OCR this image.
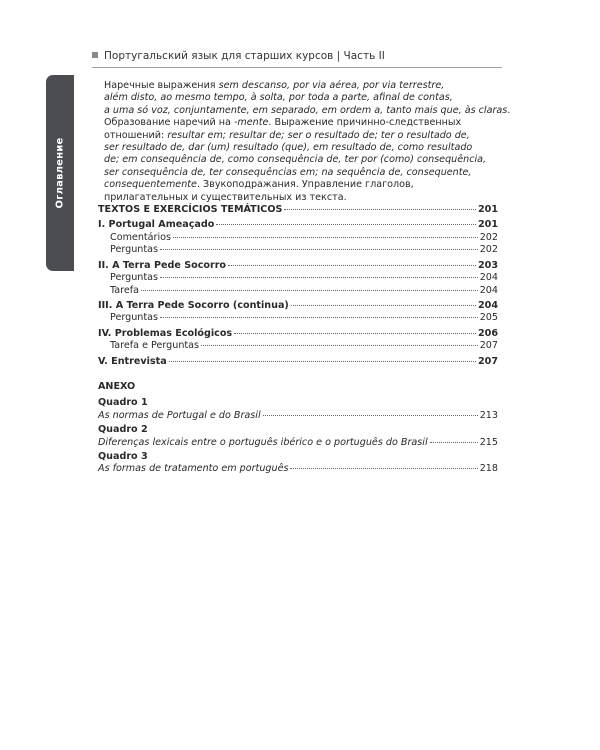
Португальский язык для старших курсов | Часть II
Оглавление
Наречные выражения sem descanso, por via aérea, por via terrestre,
além disto, ao mesmo tempo, à solta, por toda a parte, afinal de contas,
a uma só voz, conjuntamente, em separado, em ordem a, tanto mais que, às claras.
Образование наречий на -mente. Выражение причинно-следственных
отношений: resultar em; resultar de; ser o resultado de; ter o resultado de,
ser resultado de, dar (um) resultado (que), em resultado de, como resultado
de; em consequência de, como consequência de, ter por (como) consequência,
ser consequência de, ter consequências em; na sequência de, consequente,
consequentemente. Звукоподражания. Управление глаголов,
прилагательных и существительных из текста.
TEXTOS E EXERCÍCIOS TEMÁTICOS	201
I. Portugal Ameaçado	201
Comentários	202
Perguntas	202
II. A Terra Pede Socorro	203
Perguntas	204
Tarefa	204
III. A Terra Pede Socorro (continua)	204
Perguntas	205
IV. Problemas Ecológicos	206
Tarefa e Perguntas	207
V. Entrevista	207
ANEXO
Quadro 1
As normas de Portugal e do Brasil	213
Quadro 2
Diferenças lexicais entre o português ibérico e o português do Brasil	215
Quadro 3
As formas de tratamento em português	218
